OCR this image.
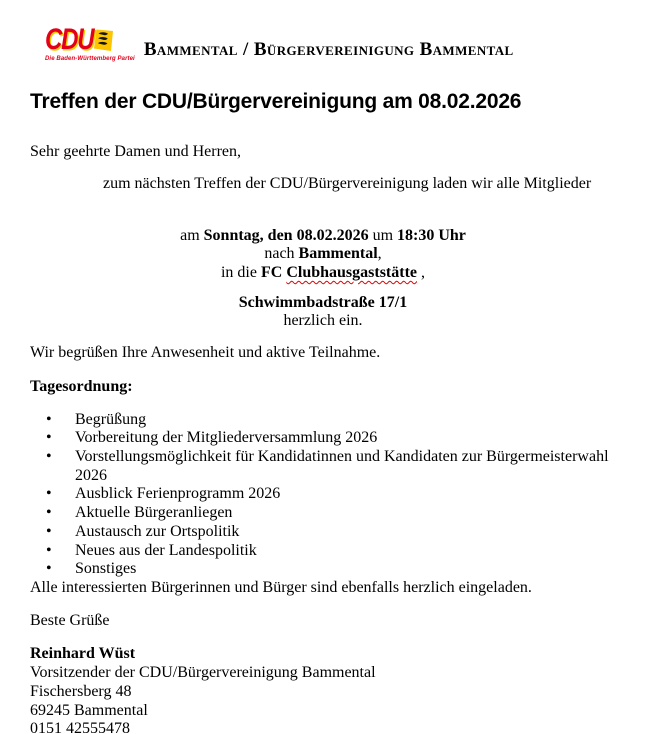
CDU
Die Baden-Württemberg Partei Bammental / Bürgervereinigung Bammental
Treffen der CDU/Bürgervereinigung am 08.02.2026

Sehr geehrte Damen und Herren,

zum nächsten Treffen der CDU/Bürgervereinigung laden wir alle Mitglieder

am Sonntag, den 08.02.2026 um 18:30 Uhr

nach Bammental,

in die FC Clubhausgaststätte ,

Schwimmbadstraße 17/1

herzlich ein.

Wir begrüßen Ihre Anwesenheit und aktive Teilnahme.

Tagesordnung:

• Begrüßung
• Vorbereitung der Mitgliederversammlung 2026
• Vorstellungsmöglichkeit für Kandidatinnen und Kandidaten zur Bürgermeisterwahl 2026
• Ausblick Ferienprogramm 2026
• Aktuelle Bürgeranliegen
• Austausch zur Ortspolitik
• Neues aus der Landespolitik
• Sonstiges

Alle interessierten Bürgerinnen und Bürger sind ebenfalls herzlich eingeladen.

Beste Grüße

Reinhard Wüst

Vorsitzender der CDU/Bürgervereinigung Bammental

Fischersberg 48

69245 Bammental

0151 42555478
